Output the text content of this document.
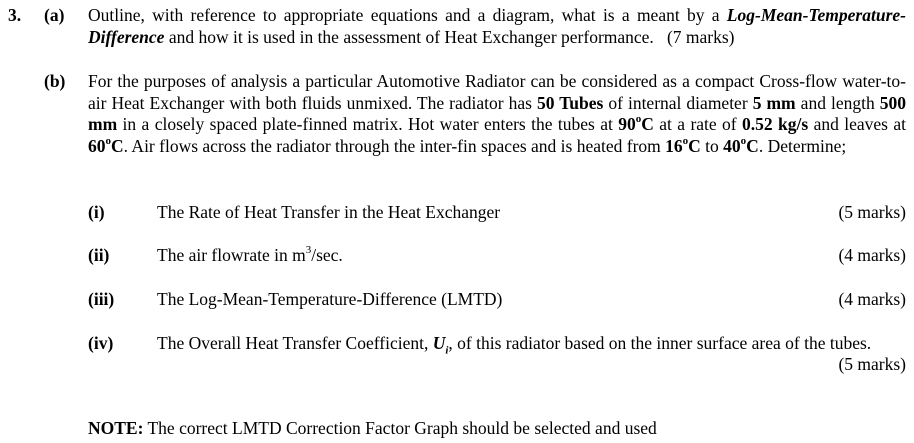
3. (a) Outline, with reference to appropriate equations and a diagram, what is a meant by a Log-Mean-Temperature-Difference and how it is used in the assessment of Heat Exchanger performance. (7 marks)
(b) For the purposes of analysis a particular Automotive Radiator can be considered as a compact Cross-flow water-to-air Heat Exchanger with both fluids unmixed. The radiator has 50 Tubes of internal diameter 5 mm and length 500 mm in a closely spaced plate-finned matrix. Hot water enters the tubes at 90$^o$C at a rate of 0.52 kg/s and leaves at 60$^o$C. Air flows across the radiator through the inter-fin spaces and is heated from 16$^o$C to 40$^o$C. Determine;
(i)	The Rate of Heat Transfer in the Heat Exchanger	(5 marks)
(ii)	The air flowrate in $m^3/\sec$.	(4 marks)
(iii) The Log-Mean-Temperature-Difference (LMTD)	(4 marks)
(iv) The Overall Heat Transfer Coefficient, $U_i$, of this radiator based on the inner surface area of the tubes.
(5 marks)
NOTE: The correct LMTD Correction Factor Graph should be selected and used
